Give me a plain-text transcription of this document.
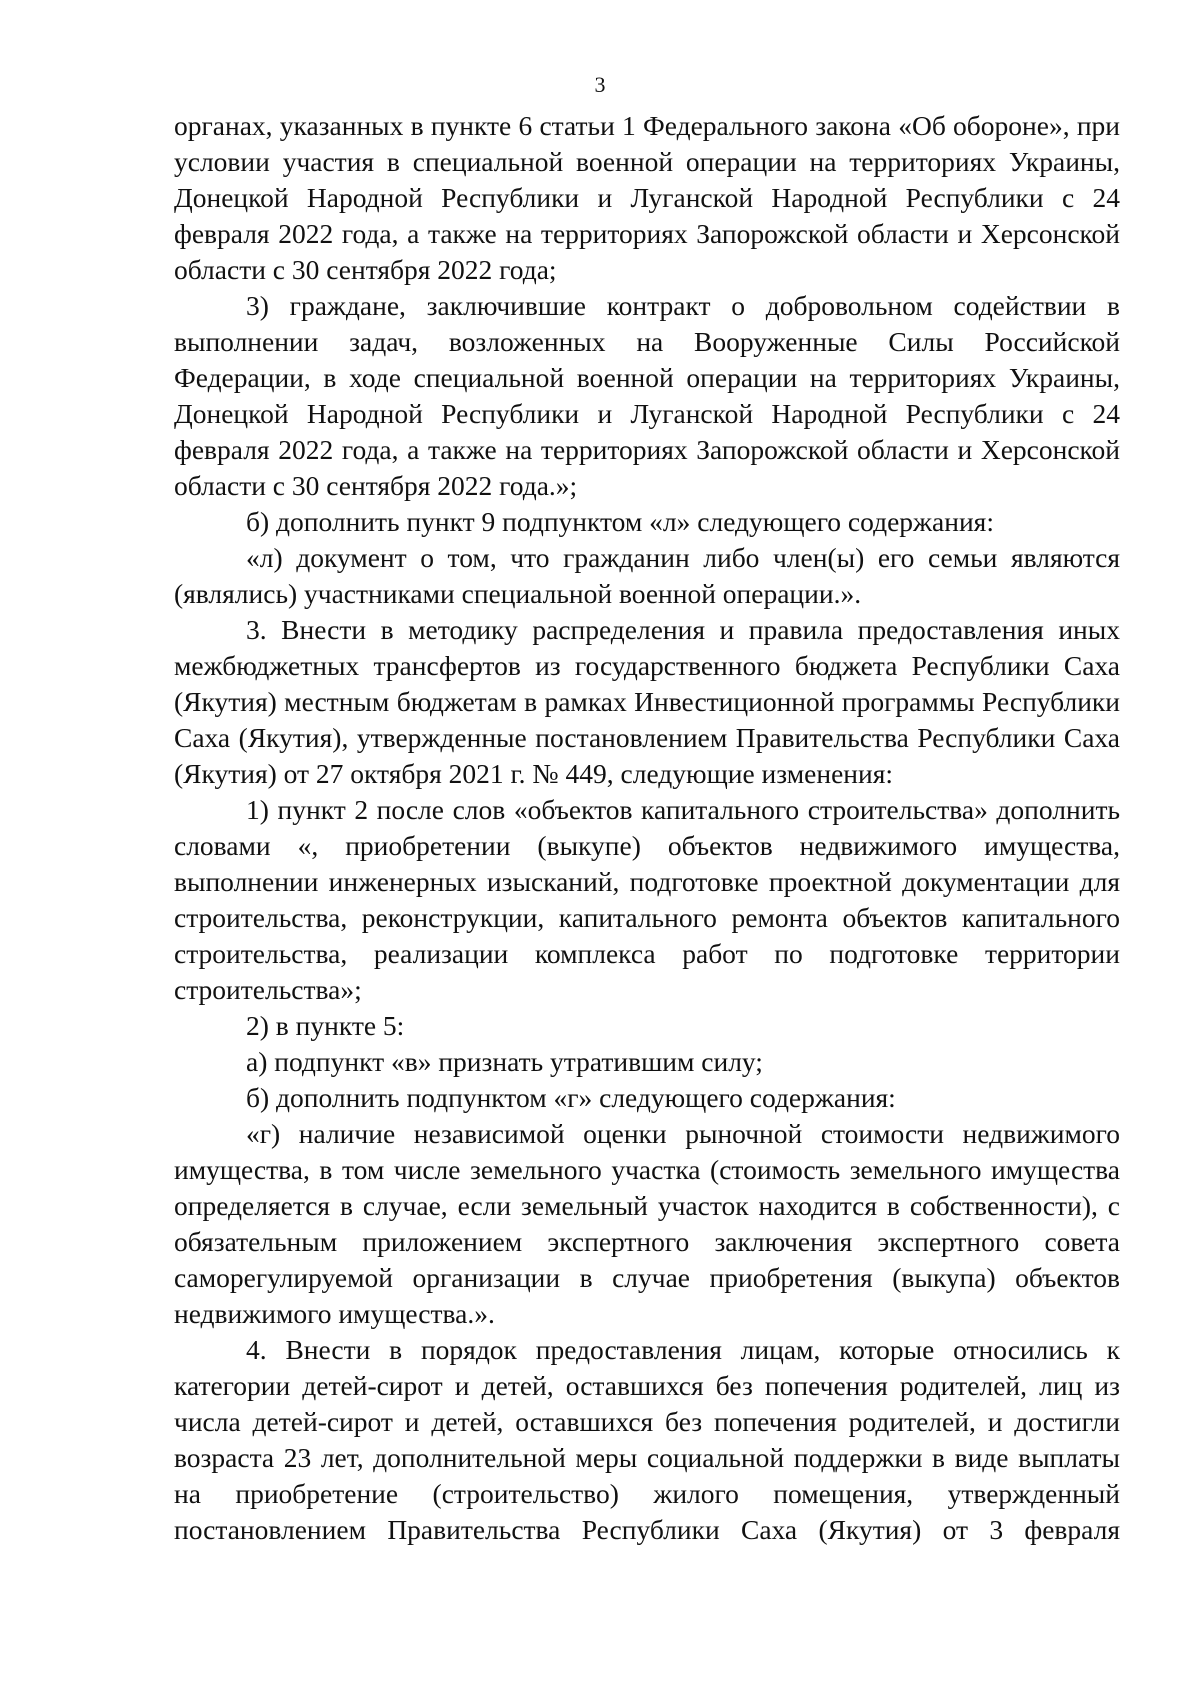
3

органах, указанных в пункте 6 статьи 1 Федерального закона «Об обороне», при условии участия в специальной военной операции на территориях Украины, Донецкой Народной Республики и Луганской Народной Республики с 24 февраля 2022 года, а также на территориях Запорожской области и Херсонской области с 30 сентября 2022 года;

3) граждане, заключившие контракт о добровольном содействии в выполнении задач, возложенных на Вооруженные Силы Российской Федерации, в ходе специальной военной операции на территориях Украины, Донецкой Народной Республики и Луганской Народной Республики с 24 февраля 2022 года, а также на территориях Запорожской области и Херсонской области с 30 сентября 2022 года.»;

б) дополнить пункт 9 подпунктом «л» следующего содержания:

«л) документ о том, что гражданин либо член(ы) его семьи являются (являлись) участниками специальной военной операции.».

3. Внести в методику распределения и правила предоставления иных межбюджетных трансфертов из государственного бюджета Республики Саха (Якутия) местным бюджетам в рамках Инвестиционной программы Республики Саха (Якутия), утвержденные постановлением Правительства Республики Саха (Якутия) от 27 октября 2021 г. № 449, следующие изменения:

1) пункт 2 после слов «объектов капитального строительства» дополнить словами «, приобретении (выкупе) объектов недвижимого имущества, выполнении инженерных изысканий, подготовке проектной документации для строительства, реконструкции, капитального ремонта объектов капитального строительства, реализации комплекса работ по подготовке территории строительства»;

2) в пункте 5:

а) подпункт «в» признать утратившим силу;

б) дополнить подпунктом «г» следующего содержания:

«г) наличие независимой оценки рыночной стоимости недвижимого имущества, в том числе земельного участка (стоимость земельного имущества определяется в случае, если земельный участок находится в собственности), с обязательным приложением экспертного заключения экспертного совета саморегулируемой организации в случае приобретения (выкупа) объектов недвижимого имущества.».

4. Внести в порядок предоставления лицам, которые относились к категории детей-сирот и детей, оставшихся без попечения родителей, лиц из числа детей-сирот и детей, оставшихся без попечения родителей, и достигли возраста 23 лет, дополнительной меры социальной поддержки в виде выплаты на приобретение (строительство) жилого помещения, утвержденный постановлением Правительства Республики Саха (Якутия) от 3 февраля
